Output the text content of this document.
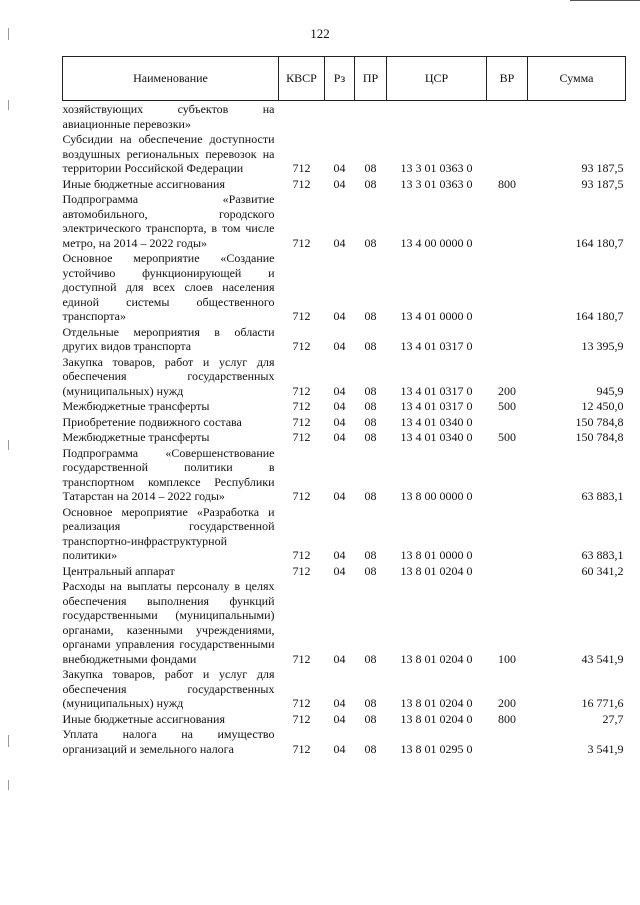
122
Наименование	КВСР	Рз	ПР	ЦСР	ВР	Сумма
хозяйствующих субъектов на авиационные перевозки»						
Субсидии на обеспечение доступности воздушных региональных перевозок на территории Российской Федерации	712	04	08	13 3 01 0363 0		93 187,5
Иные бюджетные ассигнования	712	04	08	13 3 01 0363 0	800	93 187,5
Подпрограмма «Развитие автомобильного, городского электрического транспорта, в том числе метро, на 2014 – 2022 годы»	712	04	08	13 4 00 0000 0		164 180,7
Основное мероприятие «Создание устойчиво функционирующей и доступной для всех слоев населения единой системы общественного транспорта»	712	04	08	13 4 01 0000 0		164 180,7
Отдельные мероприятия в области других видов транспорта	712	04	08	13 4 01 0317 0		13 395,9
Закупка товаров, работ и услуг для обеспечения государственных (муниципальных) нужд	712	04	08	13 4 01 0317 0	200	945,9
Межбюджетные трансферты	712	04	08	13 4 01 0317 0	500	12 450,0
Приобретение подвижного состава	712	04	08	13 4 01 0340 0		150 784,8
Межбюджетные трансферты	712	04	08	13 4 01 0340 0	500	150 784,8
Подпрограмма «Совершенствование государственной политики в транспортном комплексе Республики Татарстан на 2014 – 2022 годы»	712	04	08	13 8 00 0000 0		63 883,1
Основное мероприятие «Разработка и реализация государственной транспортно-инфраструктурной политики»	712	04	08	13 8 01 0000 0		63 883,1
Центральный аппарат	712	04	08	13 8 01 0204 0		60 341,2
Расходы на выплаты персоналу в целях обеспечения выполнения функций государственными (муниципальными) органами, казенными учреждениями, органами управления государственными внебюджетными фондами	712	04	08	13 8 01 0204 0	100	43 541,9
Закупка товаров, работ и услуг для обеспечения государственных (муниципальных) нужд	712	04	08	13 8 01 0204 0	200	16 771,6
Иные бюджетные ассигнования	712	04	08	13 8 01 0204 0	800	27,7
Уплата налога на имущество организаций и земельного налога	712	04	08	13 8 01 0295 0		3 541,9
